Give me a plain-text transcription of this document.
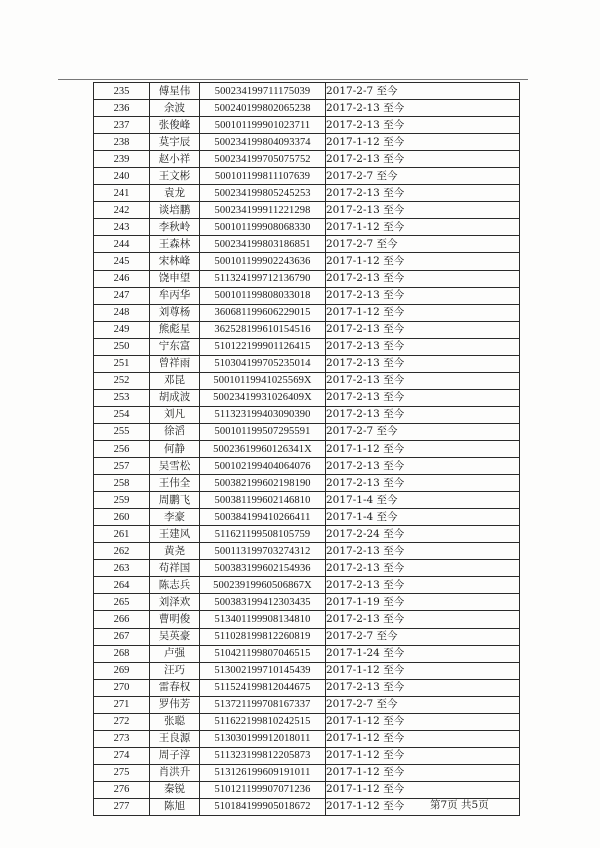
235	傅星伟	500234199711175039	2017-2-7 至今
236	余波	500240199802065238	2017-2-13 至今
237	张俊峰	500101199901023711	2017-2-13 至今
238	莫宇辰	500234199804093374	2017-1-12 至今
239	赵小祥	500234199705075752	2017-2-13 至今
240	王文彬	500101199811107639	2017-2-7 至今
241	袁龙	500234199805245253	2017-2-13 至今
242	谈培鹏	500234199911221298	2017-2-13 至今
243	李秋岭	500101199908068330	2017-1-12 至今
244	王森林	500234199803186851	2017-2-7 至今
245	宋林峰	500101199902243636	2017-1-12 至今
246	饶申望	511324199712136790	2017-2-13 至今
247	牟丙华	500101199808033018	2017-2-13 至今
248	刘尊杨	360681199606229015	2017-1-12 至今
249	熊彪星	362528199610154516	2017-2-13 至今
250	宁东富	510122199901126415	2017-2-13 至今
251	曾祥雨	510304199705235014	2017-2-13 至今
252	邓昆	50010119941025569X	2017-2-13 至今
253	胡成波	50023419931026409X	2017-2-13 至今
254	刘凡	511323199403090390	2017-2-13 至今
255	徐滔	500101199507295591	2017-2-7 至今
256	何静	50023619960126341X	2017-1-12 至今
257	吴雪松	500102199404064076	2017-2-13 至今
258	王伟全	500382199602198190	2017-2-13 至今
259	周鹏飞	500381199602146810	2017-1-4 至今
260	李豪	500384199410266411	2017-1-4 至今
261	王建风	511621199508105759	2017-2-24 至今
262	黄尧	500113199703274312	2017-2-13 至今
263	苟祥国	500383199602154936	2017-2-13 至今
264	陈志兵	50023919960506867X	2017-2-13 至今
265	刘泽欢	500383199412303435	2017-1-19 至今
266	曹明俊	513401199908134810	2017-2-13 至今
267	吴英豪	511028199812260819	2017-2-7 至今
268	卢强	510421199807046515	2017-1-24 至今
269	汪巧	513002199710145439	2017-1-12 至今
270	雷春权	511524199812044675	2017-2-13 至今
271	罗伟芳	513721199708167337	2017-2-7 至今
272	张聪	511622199810242515	2017-1-12 至今
273	王良源	513030199912018011	2017-1-12 至今
274	周子淳	511323199812205873	2017-1-12 至今
275	肖洪升	513126199609191011	2017-1-12 至今
276	秦锐	510121199907071236	2017-1-12 至今
277	陈旭	510184199905018672	2017-1-12 至今 第7页 共5页
